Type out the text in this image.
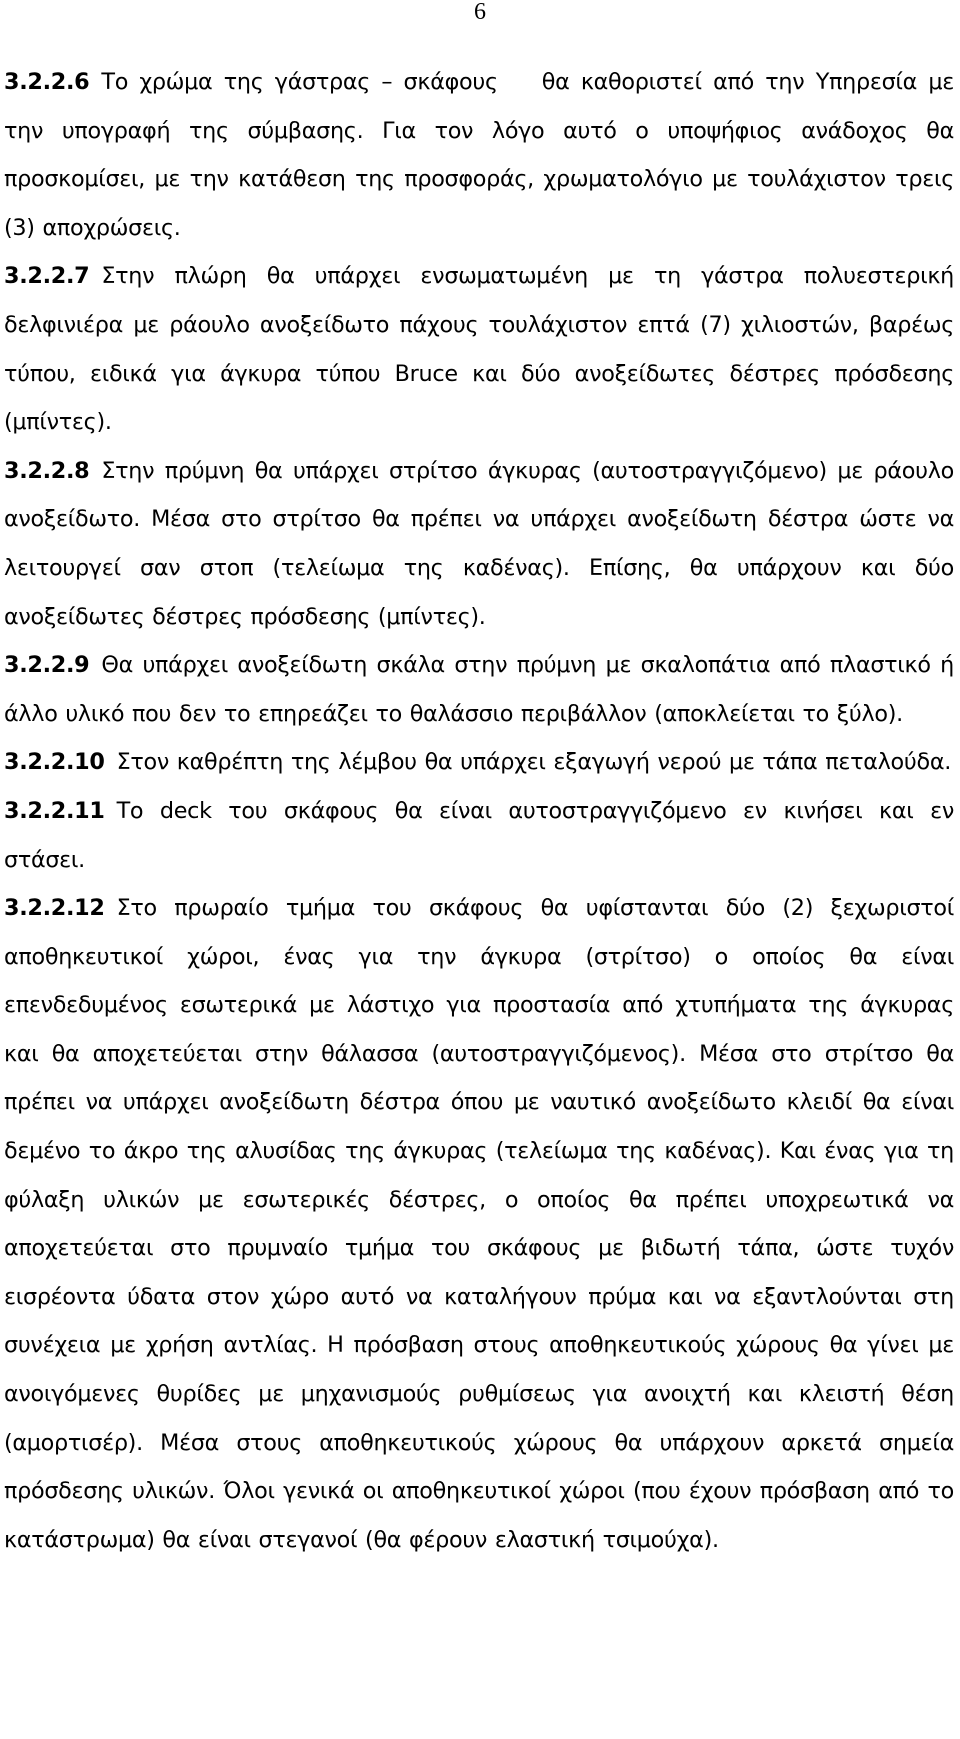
6

3.2.2.6 Το χρώμα της γάστρας – σκάφους θα καθοριστεί από την Υπηρεσία με την υπογραφή της σύμβασης. Για τον λόγο αυτό ο υποψήφιος ανάδοχος θα προσκομίσει, με την κατάθεση της προσφοράς, χρωματολόγιο με τουλάχιστον τρεις (3) αποχρώσεις.

3.2.2.7 Στην πλώρη θα υπάρχει ενσωματωμένη με τη γάστρα πολυεστερική δελφινιέρα με ράουλο ανοξείδωτο πάχους τουλάχιστον επτά (7) χιλιοστών, βαρέως τύπου, ειδικά για άγκυρα τύπου Bruce και δύο ανοξείδωτες δέστρες πρόσδεσης (μπίντες).

3.2.2.8 Στην πρύμνη θα υπάρχει στρίτσο άγκυρας (αυτοστραγγιζόμενο) με ράουλο ανοξείδωτο. Μέσα στο στρίτσο θα πρέπει να υπάρχει ανοξείδωτη δέστρα ώστε να λειτουργεί σαν στοπ (τελείωμα της καδένας). Επίσης, θα υπάρχουν και δύο ανοξείδωτες δέστρες πρόσδεσης (μπίντες).

3.2.2.9 Θα υπάρχει ανοξείδωτη σκάλα στην πρύμνη με σκαλοπάτια από πλαστικό ή άλλο υλικό που δεν το επηρεάζει το θαλάσσιο περιβάλλον (αποκλείεται το ξύλο).

3.2.2.10 Στον καθρέπτη της λέμβου θα υπάρχει εξαγωγή νερού με τάπα πεταλούδα.

3.2.2.11 Το deck του σκάφους θα είναι αυτοστραγγιζόμενο εν κινήσει και εν στάσει.

3.2.2.12 Στο πρωραίο τμήμα του σκάφους θα υφίστανται δύο (2) ξεχωριστοί αποθηκευτικοί χώροι, ένας για την άγκυρα (στρίτσο) ο οποίος θα είναι επενδεδυμένος εσωτερικά με λάστιχο για προστασία από χτυπήματα της άγκυρας και θα αποχετεύεται στην θάλασσα (αυτοστραγγιζόμενος). Μέσα στο στρίτσο θα πρέπει να υπάρχει ανοξείδωτη δέστρα όπου με ναυτικό ανοξείδωτο κλειδί θα είναι δεμένο το άκρο της αλυσίδας της άγκυρας (τελείωμα της καδένας). Και ένας για τη φύλαξη υλικών με εσωτερικές δέστρες, ο οποίος θα πρέπει υποχρεωτικά να αποχετεύεται στο πρυμναίο τμήμα του σκάφους με βιδωτή τάπα, ώστε τυχόν εισρέοντα ύδατα στον χώρο αυτό να καταλήγουν πρύμα και να εξαντλούνται στη συνέχεια με χρήση αντλίας. Η πρόσβαση στους αποθηκευτικούς χώρους θα γίνει με ανοιγόμενες θυρίδες με μηχανισμούς ρυθμίσεως για ανοιχτή και κλειστή θέση (αμορτισέρ). Μέσα στους αποθηκευτικούς χώρους θα υπάρχουν αρκετά σημεία πρόσδεσης υλικών. Όλοι γενικά οι αποθηκευτικοί χώροι (που έχουν πρόσβαση από το κατάστρωμα) θα είναι στεγανοί (θα φέρουν ελαστική τσιμούχα).
